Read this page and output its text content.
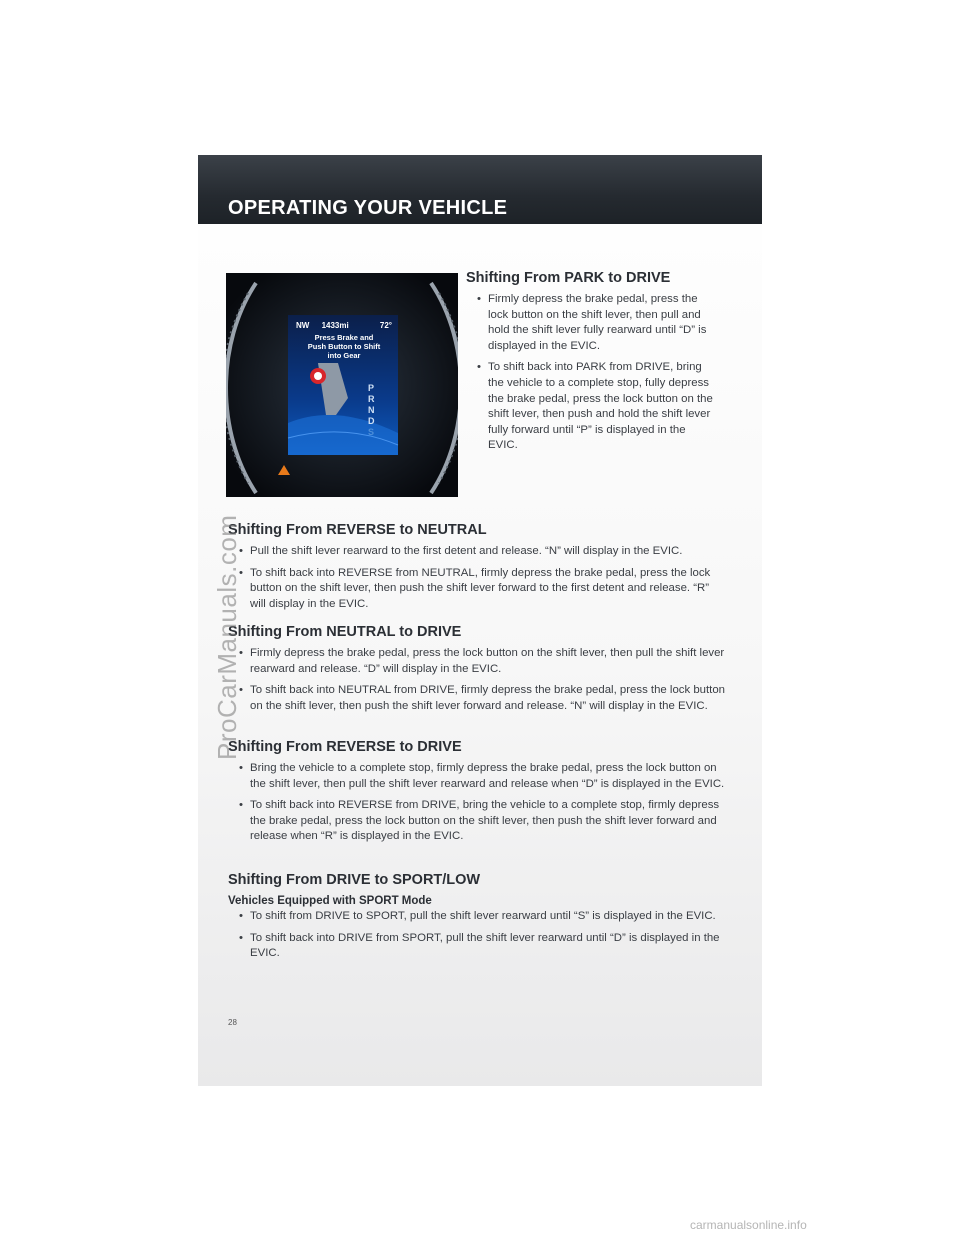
OPERATING YOUR VEHICLE
NW 1433mi	72°
Press Brake and
Push Button to Shift
into Gear
P
R
N
D
S
Shifting From PARK to DRIVE
• Firmly depress the brake pedal, press the lock button on the shift lever, then pull and hold the shift lever fully rearward until “D” is displayed in the EVIC.
• To shift back into PARK from DRIVE, bring the vehicle to a complete stop, fully depress the brake pedal, press the lock button on the shift lever, then push and hold the shift lever fully forward until “P” is displayed in the EVIC.
Shifting From REVERSE to NEUTRAL
• Pull the shift lever rearward to the first detent and release. “N” will display in the EVIC.
• To shift back into REVERSE from NEUTRAL, firmly depress the brake pedal, press the lock button on the shift lever, then push the shift lever forward to the first detent and release. “R” will display in the EVIC.
Shifting From NEUTRAL to DRIVE
• Firmly depress the brake pedal, press the lock button on the shift lever, then pull the shift lever rearward and release. “D” will display in the EVIC.
• To shift back into NEUTRAL from DRIVE, firmly depress the brake pedal, press the lock button on the shift lever, then push the shift lever forward and release. “N” will display in the EVIC.
Shifting From REVERSE to DRIVE
• Bring the vehicle to a complete stop, firmly depress the brake pedal, press the lock button on the shift lever, then pull the shift lever rearward and release when “D” is displayed in the EVIC.
• To shift back into REVERSE from DRIVE, bring the vehicle to a complete stop, firmly depress the brake pedal, press the lock button on the shift lever, then push the shift lever forward and release when “R” is displayed in the EVIC.
Shifting From DRIVE to SPORT/LOW
Vehicles Equipped with SPORT Mode
• To shift from DRIVE to SPORT, pull the shift lever rearward until “S” is displayed in the EVIC.
• To shift back into DRIVE from SPORT, pull the shift lever rearward until “D” is displayed in the EVIC.
28
ProCarManuals.com
carmanualsonline.info
